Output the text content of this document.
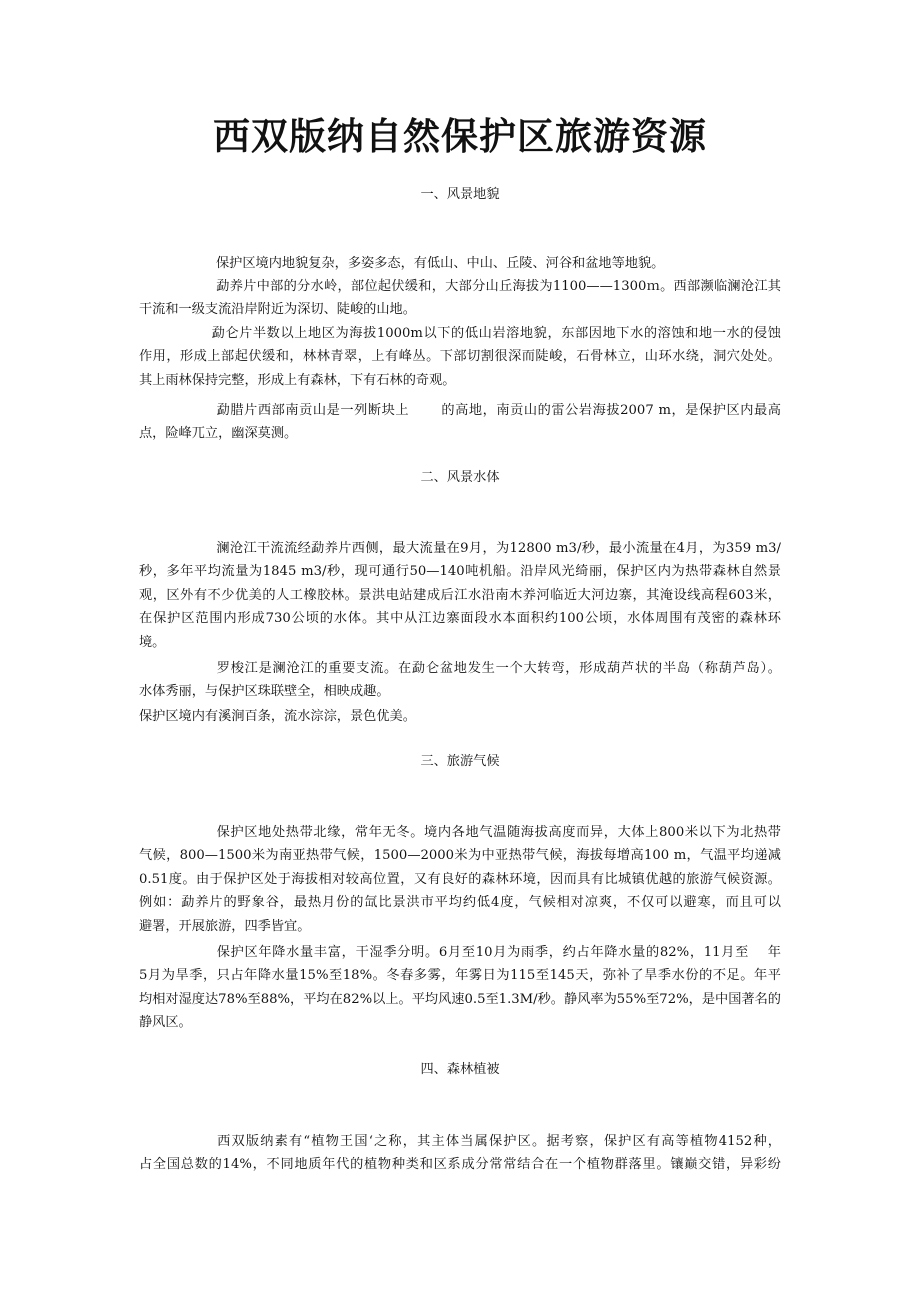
西双版纳自然保护区旅游资源
一、风景地貌
保护区境内地貌复杂，多姿多态，有低山、中山、丘陵、河谷和盆地等地貌。
勐养片中部的分水岭，部位起伏缓和，大部分山丘海拔为1100——1300ｍ。西部濒临澜沧江其
干流和一级支流沿岸附近为深切、陡峻的山地。
勐仑片半数以上地区为海拔1000m以下的低山岩溶地貌，东部因地下水的溶蚀和地一水的侵蚀
作用，形成上部起伏缓和，林林青翠，上有峰丛。下部切割很深而陡峻，石骨林立，山环水绕，洞穴处处。
其上雨林保持完整，形成上有森林，下有石林的奇观。
勐腊片西部南贡山是一列断块上　　 的高地，南贡山的雷公岩海拔2007 m，是保护区内最高
点，险峰兀立，幽深莫测。
二、风景水体
澜沧江干流流经勐养片西侧，最大流量在9月，为12800 m3/秒，最小流量在4月，为359 m3/
秒，多年平均流量为1845 m3/秒，现可通行50—140吨机船。沿岸风光绮丽，保护区内为热带森林自然景
观，区外有不少优美的人工橡胶林。景洪电站建成后江水沿南木养河临近大河边寨，其淹设线高程603米，
在保护区范围内形成730公顷的水体。其中从江边寨面段水本面积约100公顷，水体周围有茂密的森林环
境。
罗梭江是澜沧江的重要支流。在勐仑盆地发生一个大转弯，形成葫芦状的半岛（称葫芦岛）。
水体秀丽，与保护区珠联壁全，相映成趣。
保护区境内有溪涧百条，流水淙淙，景色优美。
三、旅游气候
保护区地处热带北缘，常年无冬。境内各地气温随海拔高度而异，大体上800米以下为北热带
气候，800—1500米为南亚热带气候，1500—2000米为中亚热带气候，海拔每增高100 m，气温平均递减
0.51度。由于保护区处于海拔相对较高位置，又有良好的森林环境，因而具有比城镇优越的旅游气候资源。
例如：勐养片的野象谷，最热月份的氙比景洪市平均约低4度，气候相对凉爽，不仅可以避寒，而且可以
避署，开展旅游，四季皆宜。
保护区年降水量丰富，干湿季分明。6月至10月为雨季，约占年降水量的82%，11月至　 年
5月为旱季，只占年降水量15%至18%。冬春多雾，年雾日为115至145天，弥补了旱季水份的不足。年平
均相对湿度达78%至88%，平均在82%以上。平均风速0.5至1.3M/秒。静风率为55%至72%，是中国著名的
静风区。
四、森林植被
西双版纳素有“植物王国‘之称，其主体当属保护区。据考察，保护区有高等植物4152种，
占全国总数的14%，不同地质年代的植物种类和区系成分常常结合在一个植物群落里。镶巅交错，异彩纷
